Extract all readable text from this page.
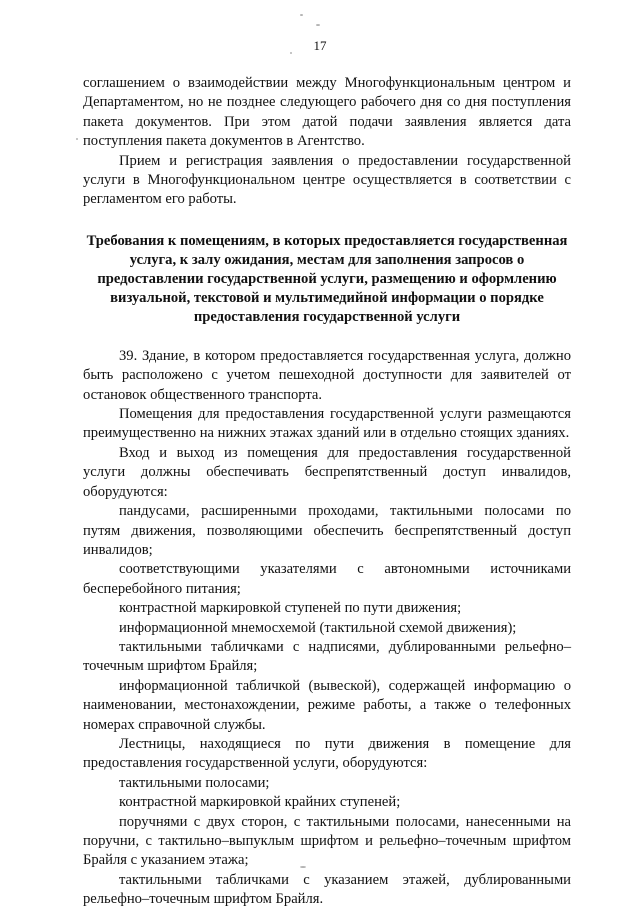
17

соглашением о взаимодействии между Многофункциональным центром и Департаментом, но не позднее следующего рабочего дня со дня поступления пакета документов. При этом датой подачи заявления является дата поступления пакета документов в Агентство.

Прием и регистрация заявления о предоставлении государственной услуги в Многофункциональном центре осуществляется в соответствии с регламентом его работы.

Требования к помещениям, в которых предоставляется государственная услуга, к залу ожидания, местам для заполнения запросов о предоставлении государственной услуги, размещению и оформлению визуальной, текстовой и мультимедийной информации о порядке предоставления государственной услуги

39. Здание, в котором предоставляется государственная услуга, должно быть расположено с учетом пешеходной доступности для заявителей от остановок общественного транспорта.

Помещения для предоставления государственной услуги размещаются преимущественно на нижних этажах зданий или в отдельно стоящих зданиях.

Вход и выход из помещения для предоставления государственной услуги должны обеспечивать беспрепятственный доступ инвалидов, оборудуются:

пандусами, расширенными проходами, тактильными полосами по путям движения, позволяющими обеспечить беспрепятственный доступ инвалидов;

соответствующими указателями с автономными источниками бесперебойного питания;

контрастной маркировкой ступеней по пути движения;

информационной мнемосхемой (тактильной схемой движения);

тактильными табличками с надписями, дублированными рельефно–точечным шрифтом Брайля;

информационной табличкой (вывеской), содержащей информацию о наименовании, местонахождении, режиме работы, а также о телефонных номерах справочной службы.

Лестницы, находящиеся по пути движения в помещение для предоставления государственной услуги, оборудуются:

тактильными полосами;

контрастной маркировкой крайних ступеней;

поручнями с двух сторон, с тактильными полосами, нанесенными на поручни, с тактильно–выпуклым шрифтом и рельефно–точечным шрифтом Брайля с указанием этажа;

тактильными табличками с указанием этажей, дублированными рельефно–точечным шрифтом Брайля.
